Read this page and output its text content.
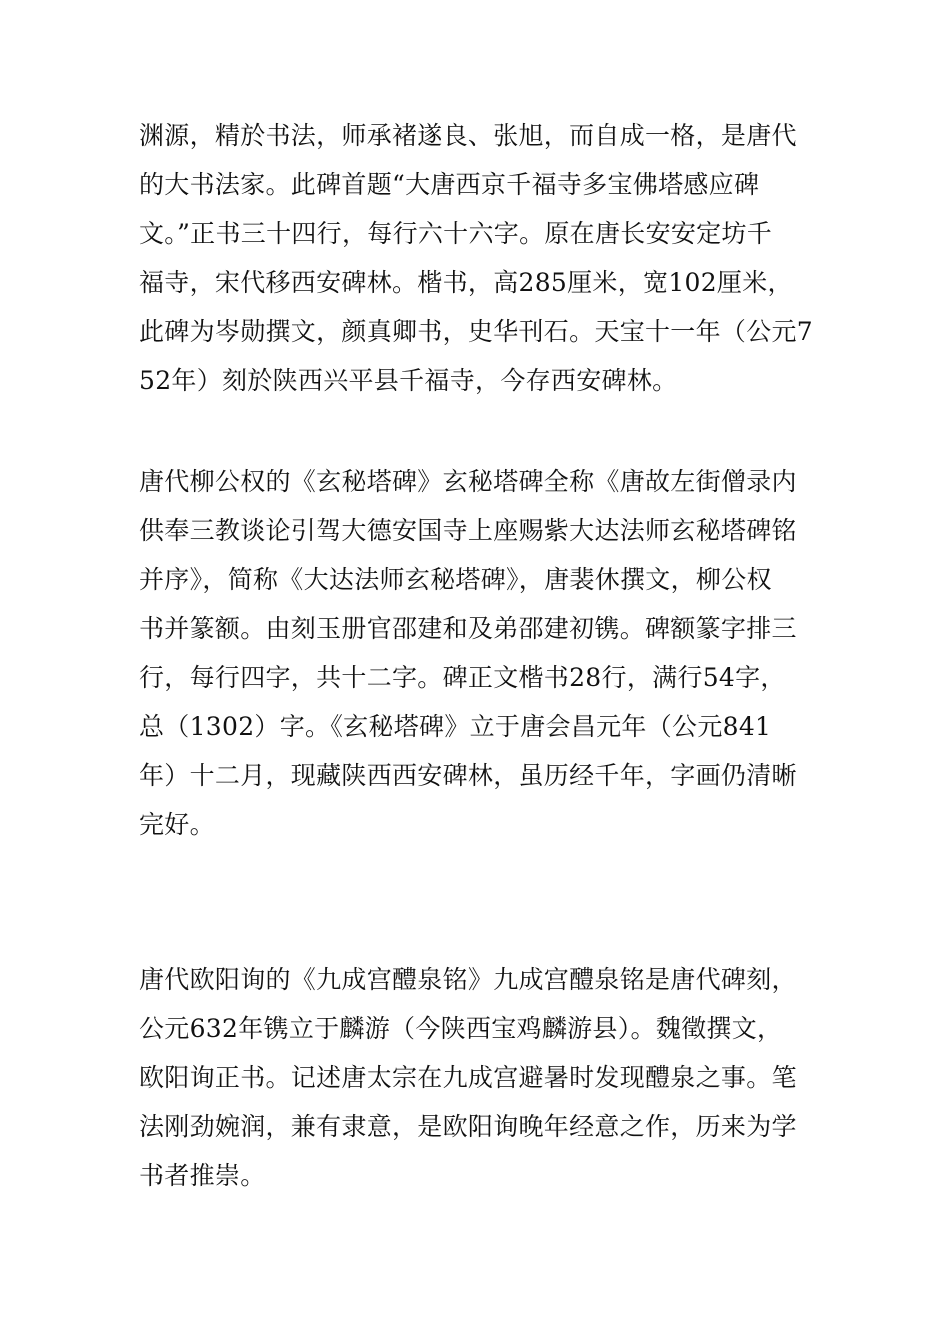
渊源，精於书法，师承褚遂良、张旭，而自成一格，是唐代
的大书法家。此碑首题“大唐西京千福寺多宝佛塔感应碑
文。”正书三十四行，每行六十六字。原在唐长安安定坊千
福寺，宋代移西安碑林。楷书，高285厘米，宽102厘米，
此碑为岑勋撰文，颜真卿书，史华刊石。天宝十一年（公元7
52年）刻於陕西兴平县千福寺，今存西安碑林。
唐代柳公权的《玄秘塔碑》玄秘塔碑全称《唐故左街僧录内
供奉三教谈论引驾大德安国寺上座赐紫大达法师玄秘塔碑铭
并序》，简称《大达法师玄秘塔碑》，唐裴休撰文，柳公权
书并篆额。由刻玉册官邵建和及弟邵建初镌。碑额篆字排三
行，每行四字，共十二字。碑正文楷书28行，满行54字，
总（1302）字。《玄秘塔碑》立于唐会昌元年（公元841
年）十二月，现藏陕西西安碑林，虽历经千年，字画仍清晰
完好。
唐代欧阳询的《九成宫醴泉铭》九成宫醴泉铭是唐代碑刻，
公元632年镌立于麟游（今陕西宝鸡麟游县）。魏徵撰文，
欧阳询正书。记述唐太宗在九成宫避暑时发现醴泉之事。笔
法刚劲婉润，兼有隶意，是欧阳询晚年经意之作，历来为学
书者推崇。
